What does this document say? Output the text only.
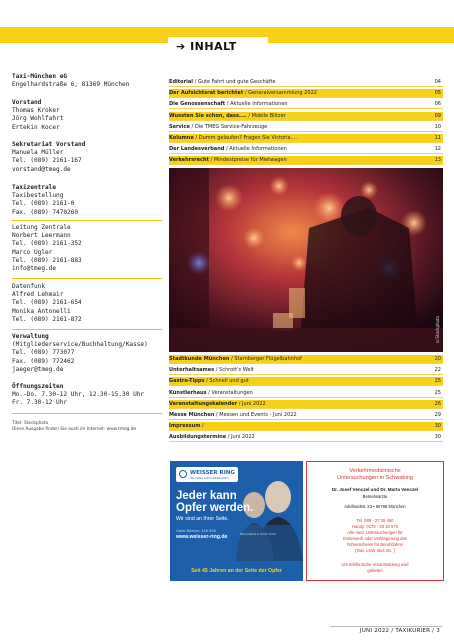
➔ INHALT
Taxi-München eG
Engelhardstraße 6, 81369 München
Vorstand
Thomas Kroker
Jörg Wohlfahrt
Ertekin Kocer
Sekretariat Vorstand
Manuela Müller
Tel. (089) 2161-167
vorstand@tmeg.de
Taxizentrale
Taxibestellung
Tel. (089) 2161-0
Fax. (089) 7470260
Leitung Zentrale
Norbert Leermann
Tel. (089) 2161-352
Marco Ugler
Tel. (089) 2161-883
info@tmeg.de
Datenfunk
Alfred Lehmair
Tel. (089) 2161-654
Monika Antonelli
Tel. (089) 2161-872
Verwaltung
(Mitgliederservice/Buchhaltung/Kasse)
Tel. (089) 773077
Fax. (089) 772462
jaeger@tmeg.de
Öffnungszeiten
Mo.-Do. 7.30-12 Uhr, 12.30-15.30 Uhr
Fr. 7.30-12 Uhr
Titel: Stockphoto
Diese Ausgabe finden Sie auch im Internet: www.tmeg.de
Editorial / Gute Fahrt und gute Geschäfte	04
Der Aufsichtsrat berichtet / Generalversammlung 2022	05
Die Genossenschaft / Aktuelle Informationen	06
Wussten Sie schon, dass.... / Mobile Blitzer	09
Service / Die TMEG Service-Fahrzeuge	10
Kolumne / Dumm gelaufen? Fragen Sie Victoria....	11
Der Landesverband / Aktuelle Informationen	12
Verkehrsrecht / Mindestpreise für Mietwagen	13
©Stockphoto
Stadtkunde München / Starnberger Flügelbahnhof	20
Unterhaltsames / Schrott's Welt	22
Gastro-Tipps / Schnell und gut	25
Künstlerhaus / Veranstaltungen	25
Veranstaltungskalender / Juni 2022	26
Messe München / Messen und Events - Juni 2022	29
Impressum /	30
Ausbildungstermine / Juni 2022	30
WEISSER RING
Wir helfen Kriminalitätsopfern.
Jeder kann Opfer werden.
Wir sind an Ihrer Seite.
Opfer-Telefon: 116 006
www.weisser-ring.de	Mike Pellert & Ulrich Tukur
Seit 45 Jahren an der Seite der Opfer
Verkehrmedizinische
Untersuchungen in Schwabing
Dr. Josef Venczel und Dr. Marta Venczel
Betriebsärzte
Adelheidstr. 23 • 80798 München
Tel. 089 - 27 29 460
Handy: 0172 - 83 16 575
Alle med. Untersuchungen für
Ersterwerb oder Verlängerung des
Führerscheins für Berufsfahrer
(Taxi, LKW, Bus etc. )
Um telefonische Voranmeldung wird
gebeten
JUNI 2022 / TAXIKURIER / 3
